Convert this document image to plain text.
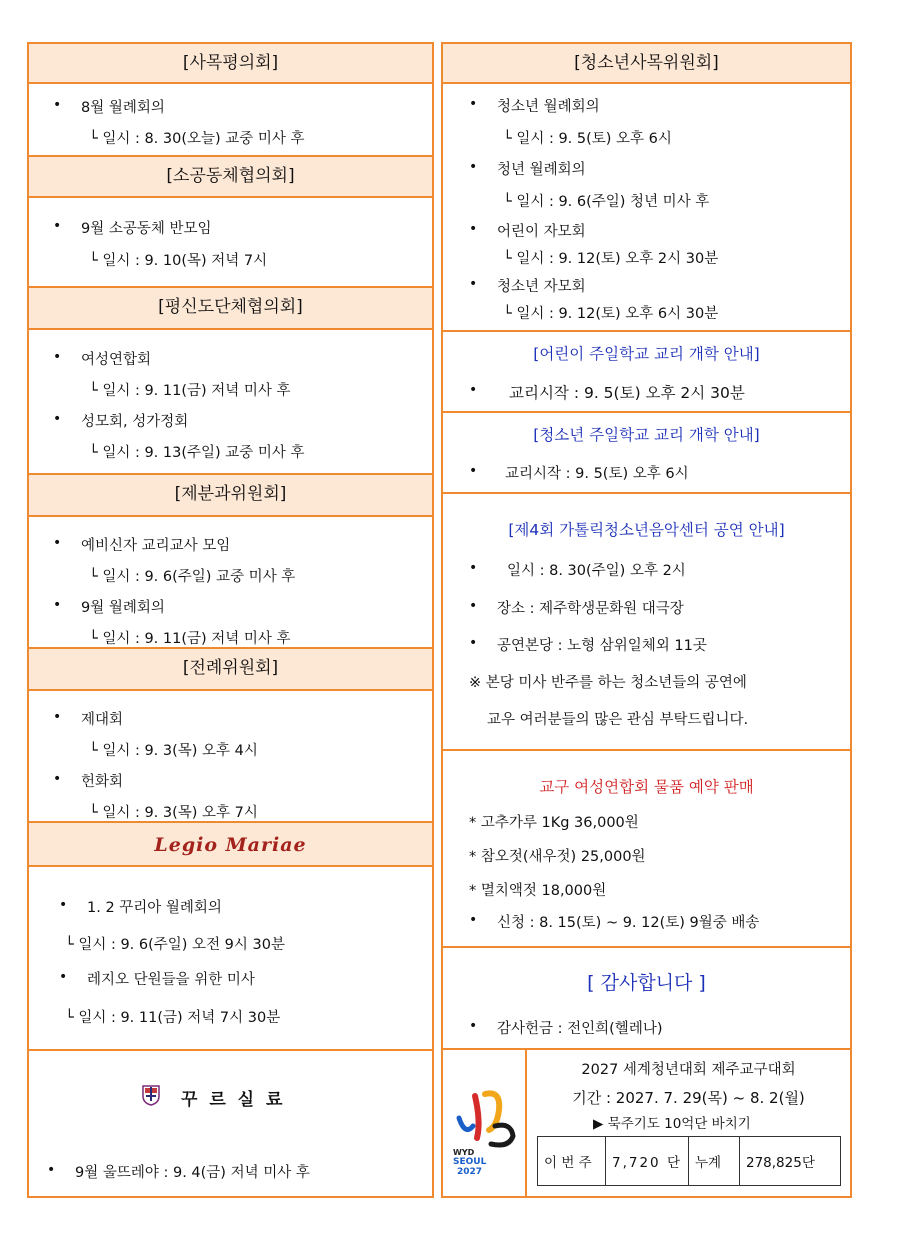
[사목평의회]
• 8월 월례회의
└ 일시 : 8. 30(오늘) 교중 미사 후
[소공동체협의회]
• 9월 소공동체 반모임
└ 일시 : 9. 10(목) 저녁 7시
[평신도단체협의회]
• 여성연합회
└ 일시 : 9. 11(금) 저녁 미사 후
• 성모회, 성가정회
└ 일시 : 9. 13(주일) 교중 미사 후
[제분과위원회]
• 예비신자 교리교사 모임
└ 일시 : 9. 6(주일) 교중 미사 후
• 9월 월례회의
└ 일시 : 9. 11(금) 저녁 미사 후
[전례위원회]
• 제대회
└ 일시 : 9. 3(목) 오후 4시
• 헌화회
└ 일시 : 9. 3(목) 오후 7시
Legio Mariae
• 1. 2 꾸리아 월례회의
└ 일시 : 9. 6(주일) 오전 9시 30분
• 레지오 단원들을 위한 미사
└ 일시 : 9. 11(금) 저녁 7시 30분
꾸 르 실 료
• 9월 울뜨레야 : 9. 4(금) 저녁 미사 후
[청소년사목위원회]
• 청소년 월례회의
└ 일시 : 9. 5(토) 오후 6시
• 청년 월례회의
└ 일시 : 9. 6(주일) 청년 미사 후
• 어린이 자모회
└ 일시 : 9. 12(토) 오후 2시 30분
• 청소년 자모회
└ 일시 : 9. 12(토) 오후 6시 30분
[어린이 주일학교 교리 개학 안내]
• 교리시작 : 9. 5(토) 오후 2시 30분
[청소년 주일학교 교리 개학 안내]
• 교리시작 : 9. 5(토) 오후 6시
[제4회 가톨릭청소년음악센터 공연 안내]
• 일시 : 8. 30(주일) 오후 2시
• 장소 : 제주학생문화원 대극장
• 공연본당 : 노형 삼위일체외 11곳
※ 본당 미사 반주를 하는 청소년들의 공연에
교우 여러분들의 많은 관심 부탁드립니다.
교구 여성연합회 물품 예약 판매
* 고추가루 1Kg 36,000원
* 참오젓(새우젓) 25,000원
* 멸치액젓 18,000원
• 신청 : 8. 15(토) ~ 9. 12(토) 9월중 배송
[ 감사합니다 ]
• 감사헌금 : 전인희(헬레나)
WYD
SEOUL
2027
2027 세계청년대회 제주교구대회
기간 : 2027. 7. 29(목) ~ 8. 2(월)
▶ 묵주기도 10억단 바치기
이 번 주	7,720 단	누계	278,825단
